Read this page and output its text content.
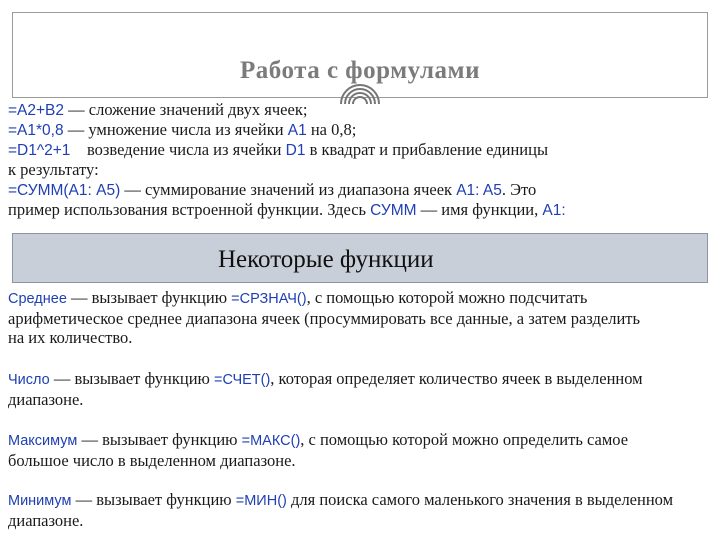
Работа с формулами
=A2+B2 — сложение значений двух ячеек;
=A1*0,8 — умножение числа из ячейки A1 на 0,8;
=D1^2+1    возведение числа из ячейки D1 в квадрат и прибавление единицы
к результату:
=СУММ(А1: А5) — суммирование значений из диапазона ячеек A1: A5. Это
пример использования встроенной функции. Здесь СУММ — имя функции, A1:
Некоторые функции
Среднее — вызывает функцию =СРЗНАЧ(), с помощью которой можно подсчитать
арифметическое среднее диапазона ячеек (просуммировать все данные, а затем разделить
на их количество.
Число — вызывает функцию =СЧЕТ(), которая определяет количество ячеек в выделенном
диапазоне.
Максимум — вызывает функцию =МАКС(), с помощью которой можно определить самое
большое число в выделенном диапазоне.
Минимум — вызывает функцию =МИН() для поиска самого маленького значения в выделенном
диапазоне.
